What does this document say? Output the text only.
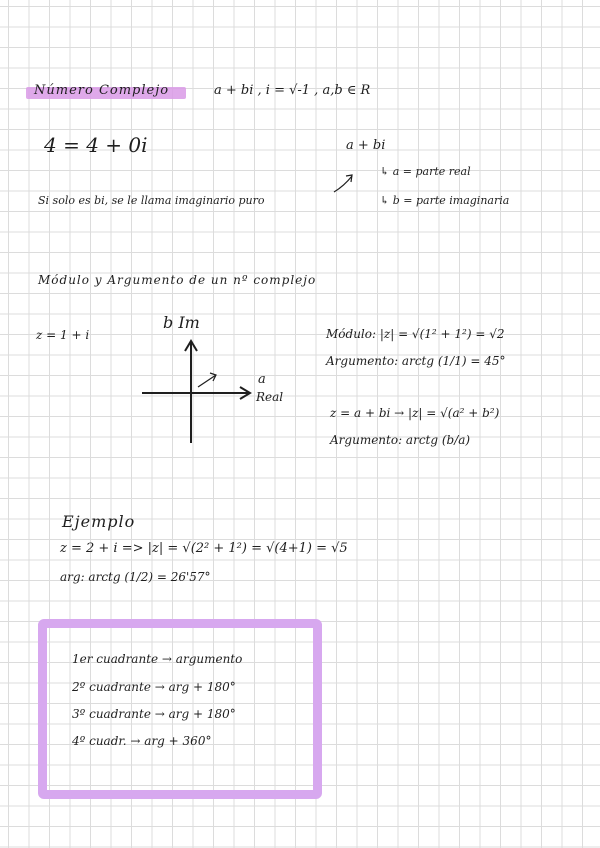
Número Complejo	a + bi , i = √-1 , a,b ∈ R
4 = 4 + 0i	a + bi
↳ a = parte real
Si solo es bi, se le llama imaginario puro	↳ b = parte imaginaria
Módulo y Argumento de un nº complejo
z = 1 + i
b Im
a
Real
Módulo: |z| = √(1² + 1²) = √2
Argumento: arctg (1/1) = 45°
z = a + bi → |z| = √(a² + b²)
Argumento: arctg (b/a)
Ejemplo
z = 2 + i => |z| = √(2² + 1²) = √(4+1) = √5
arg: arctg (1/2) = 26'57°
1er cuadrante → argumento
2º cuadrante → arg + 180°
3º cuadrante → arg + 180°
4º cuadr. → arg + 360°
